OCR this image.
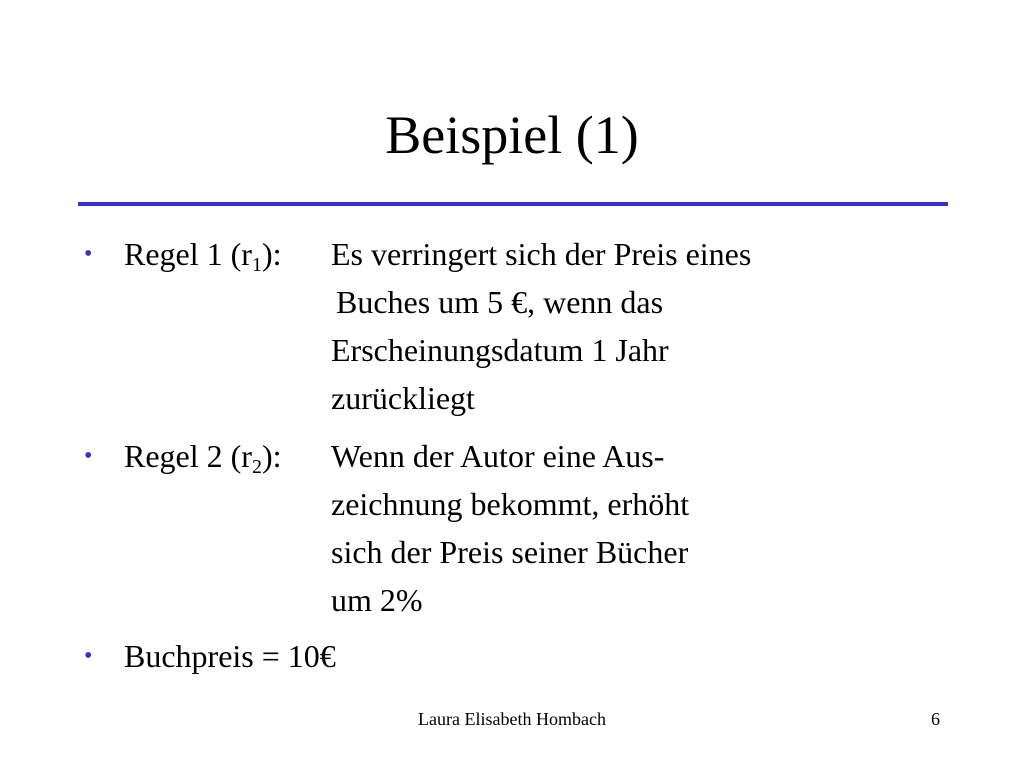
Beispiel (1)
• Regel 1 $(r_1)$: Es verringert sich der Preis eines
Buches um 5 €, wenn das
Erscheinungsdatum 1 Jahr
zurückliegt
• Regel 2 $(r_2)$: Wenn der Autor eine Aus-
zeichnung bekommt, erhöht
sich der Preis seiner Bücher
um 2%
• Buchpreis = 10€
Laura Elisabeth Hombach	6
